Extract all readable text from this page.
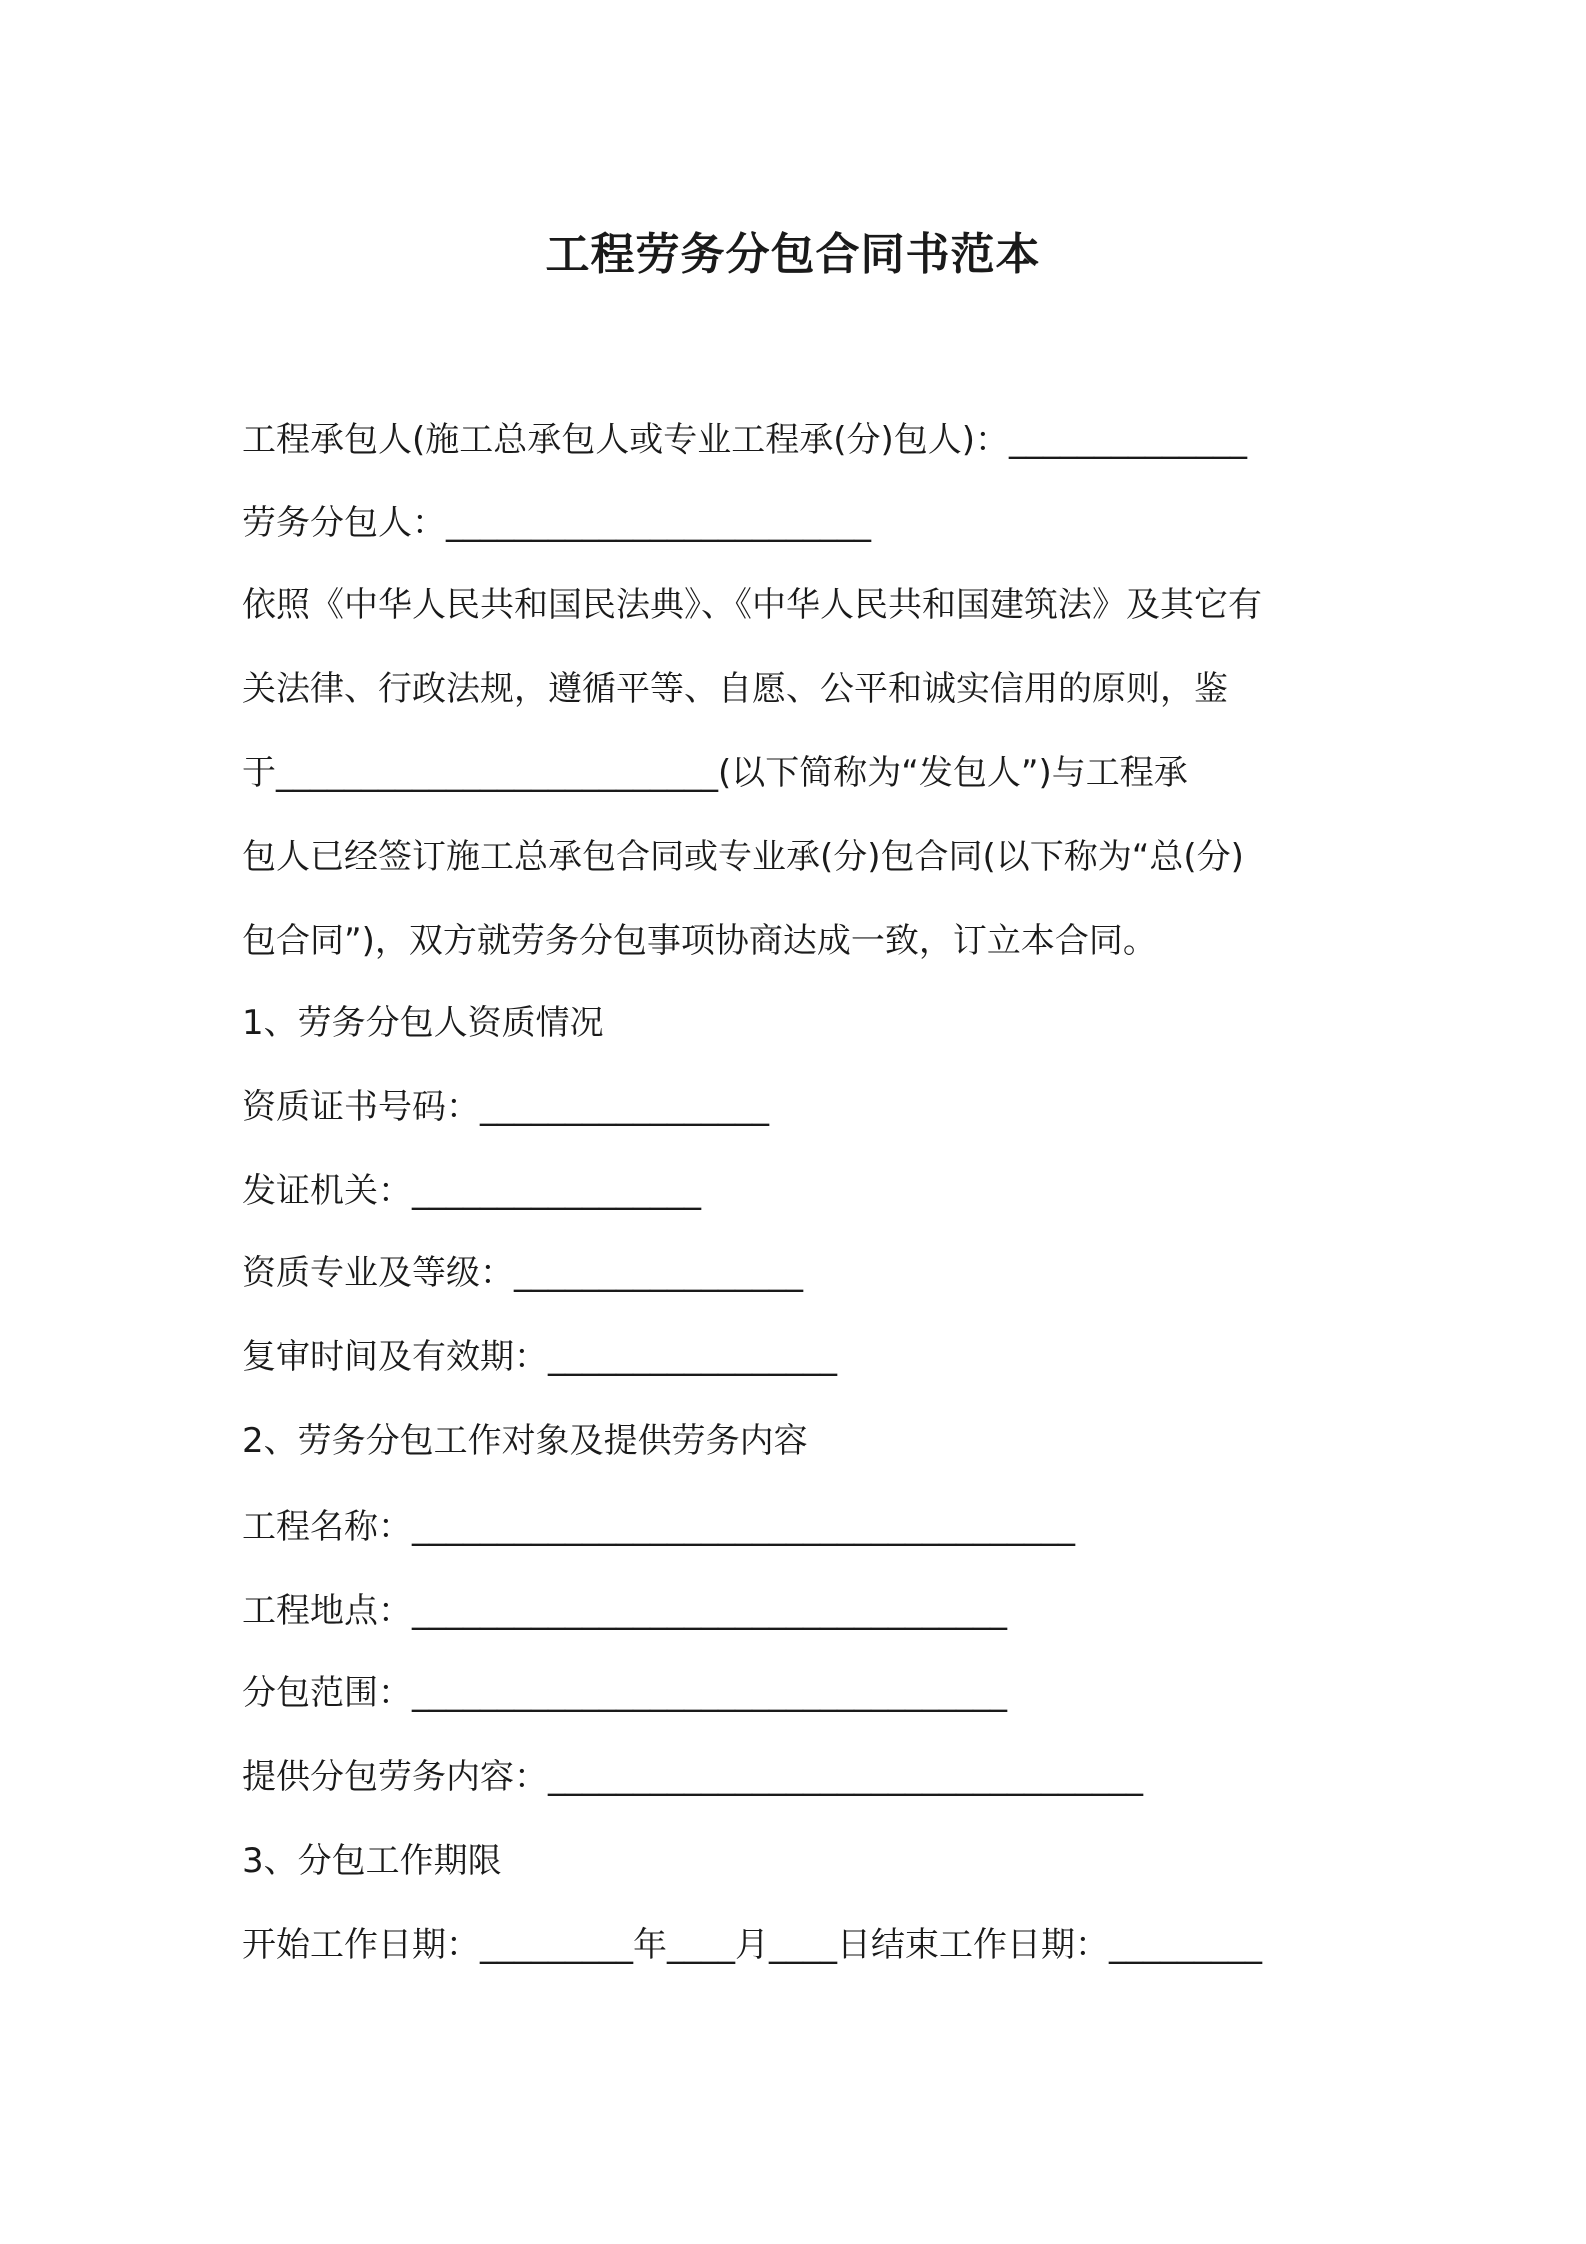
工程劳务分包合同书范本
工程承包人(施工总承包人或专业工程承(分)包人)：______________
劳务分包人：_________________________
依照《中华人民共和国民法典》、《中华人民共和国建筑法》及其它有
关法律、行政法规，遵循平等、自愿、公平和诚实信用的原则，鉴
于__________________________(以下简称为“发包人”)与工程承
包人已经签订施工总承包合同或专业承(分)包合同(以下称为“总(分)
包合同”)，双方就劳务分包事项协商达成一致，订立本合同。
1、劳务分包人资质情况
资质证书号码：_________________
发证机关：_________________
资质专业及等级：_________________
复审时间及有效期：_________________
2、劳务分包工作对象及提供劳务内容
工程名称：_______________________________________
工程地点：___________________________________
分包范围：___________________________________
提供分包劳务内容：___________________________________
3、分包工作期限
开始工作日期：_________年____月____日结束工作日期：_________
